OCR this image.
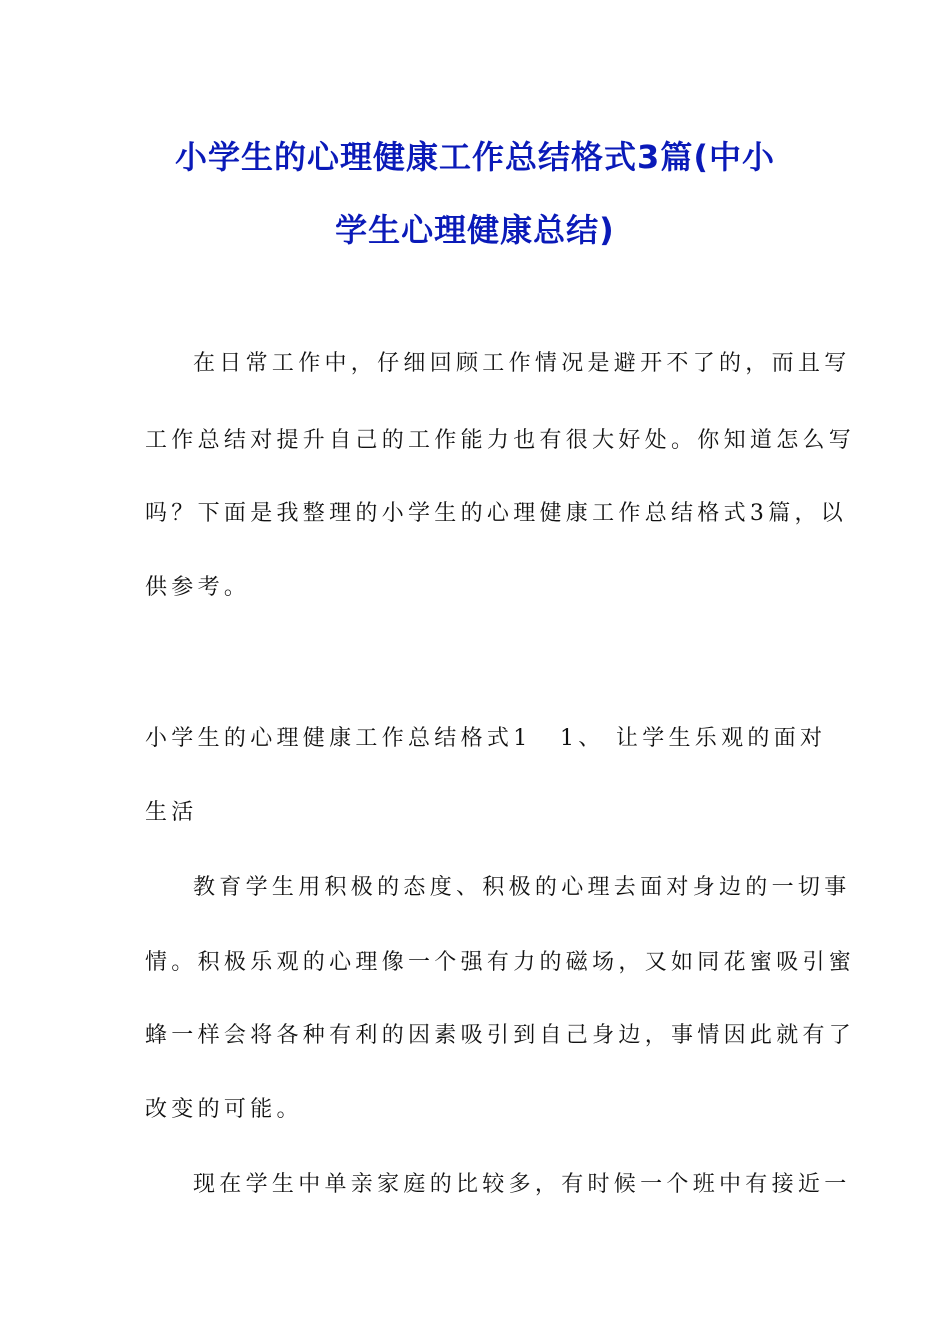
小学生的心理健康工作总结格式3篇(中小
学生心理健康总结)
在日常工作中，仔细回顾工作情况是避开不了的，而且写
工作总结对提升自己的工作能力也有很大好处。你知道怎么写
吗？下面是我整理的小学生的心理健康工作总结格式3篇，以
供参考。
小学生的心理健康工作总结格式1 1、 让学生乐观的面对
生活
教育学生用积极的态度、积极的心理去面对身边的一切事
情。积极乐观的心理像一个强有力的磁场，又如同花蜜吸引蜜
蜂一样会将各种有利的因素吸引到自己身边，事情因此就有了
改变的可能。
现在学生中单亲家庭的比较多，有时候一个班中有接近一
